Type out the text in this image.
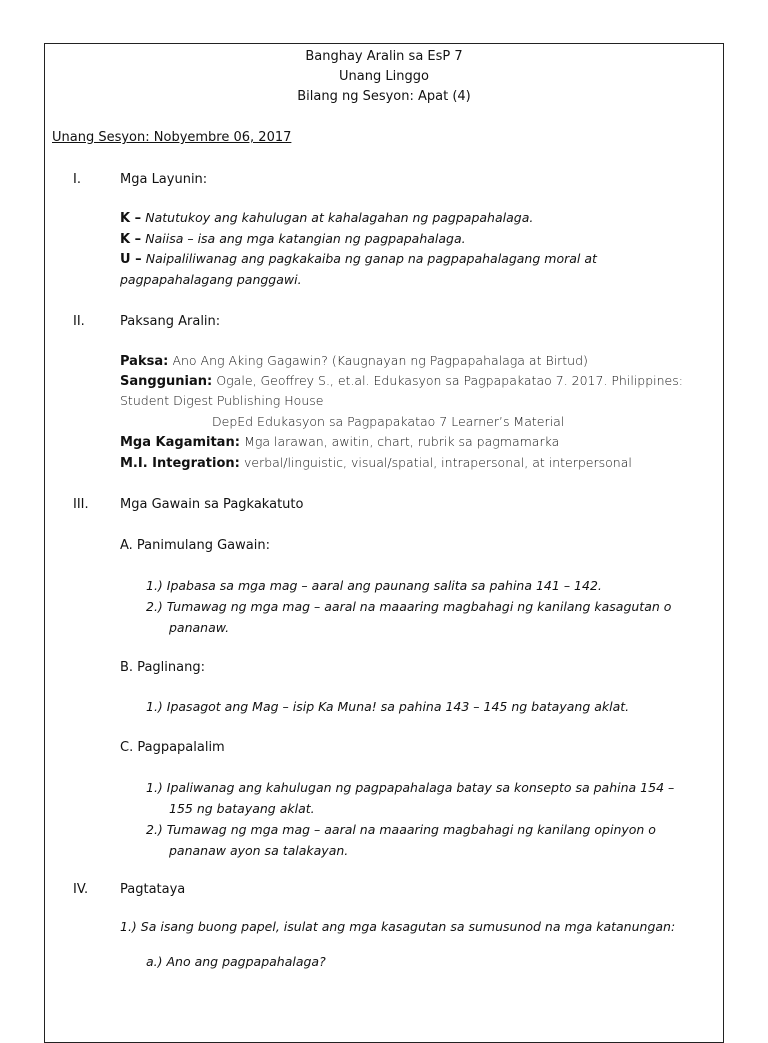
Banghay Aralin sa EsP 7
Unang Linggo
Bilang ng Sesyon: Apat (4)
Unang Sesyon: Nobyembre 06, 2017
I.	Mga Layunin:
K – Natutukoy ang kahulugan at kahalagahan ng pagpapahalaga.
K – Naiisa – isa ang mga katangian ng pagpapahalaga.
U – Naipaliliwanag ang pagkakaiba ng ganap na pagpapahalagang moral at
pagpapahalagang panggawi.
II.	Paksang Aralin:
Paksa: Ano Ang Aking Gagawin? (Kaugnayan ng Pagpapahalaga at Birtud)
Sanggunian: Ogale, Geoffrey S., et.al. Edukasyon sa Pagpapakatao 7. 2017. Philippines:
Student Digest Publishing House
DepEd Edukasyon sa Pagpapakatao 7 Learner’s Material
Mga Kagamitan: Mga larawan, awitin, chart, rubrik sa pagmamarka
M.I. Integration: verbal/linguistic, visual/spatial, intrapersonal, at interpersonal
III. Mga Gawain sa Pagkakatuto
A. Panimulang Gawain:
1.) Ipabasa sa mga mag – aaral ang paunang salita sa pahina 141 – 142.
2.) Tumawag ng mga mag – aaral na maaaring magbahagi ng kanilang kasagutan o
pananaw.
B. Paglinang:
1.) Ipasagot ang Mag – isip Ka Muna! sa pahina 143 – 145 ng batayang aklat.
C. Pagpapalalim
1.) Ipaliwanag ang kahulugan ng pagpapahalaga batay sa konsepto sa pahina 154 –
155 ng batayang aklat.
2.) Tumawag ng mga mag – aaral na maaaring magbahagi ng kanilang opinyon o
pananaw ayon sa talakayan.
IV. Pagtataya
1.) Sa isang buong papel, isulat ang mga kasagutan sa sumusunod na mga katanungan:
a.) Ano ang pagpapahalaga?
